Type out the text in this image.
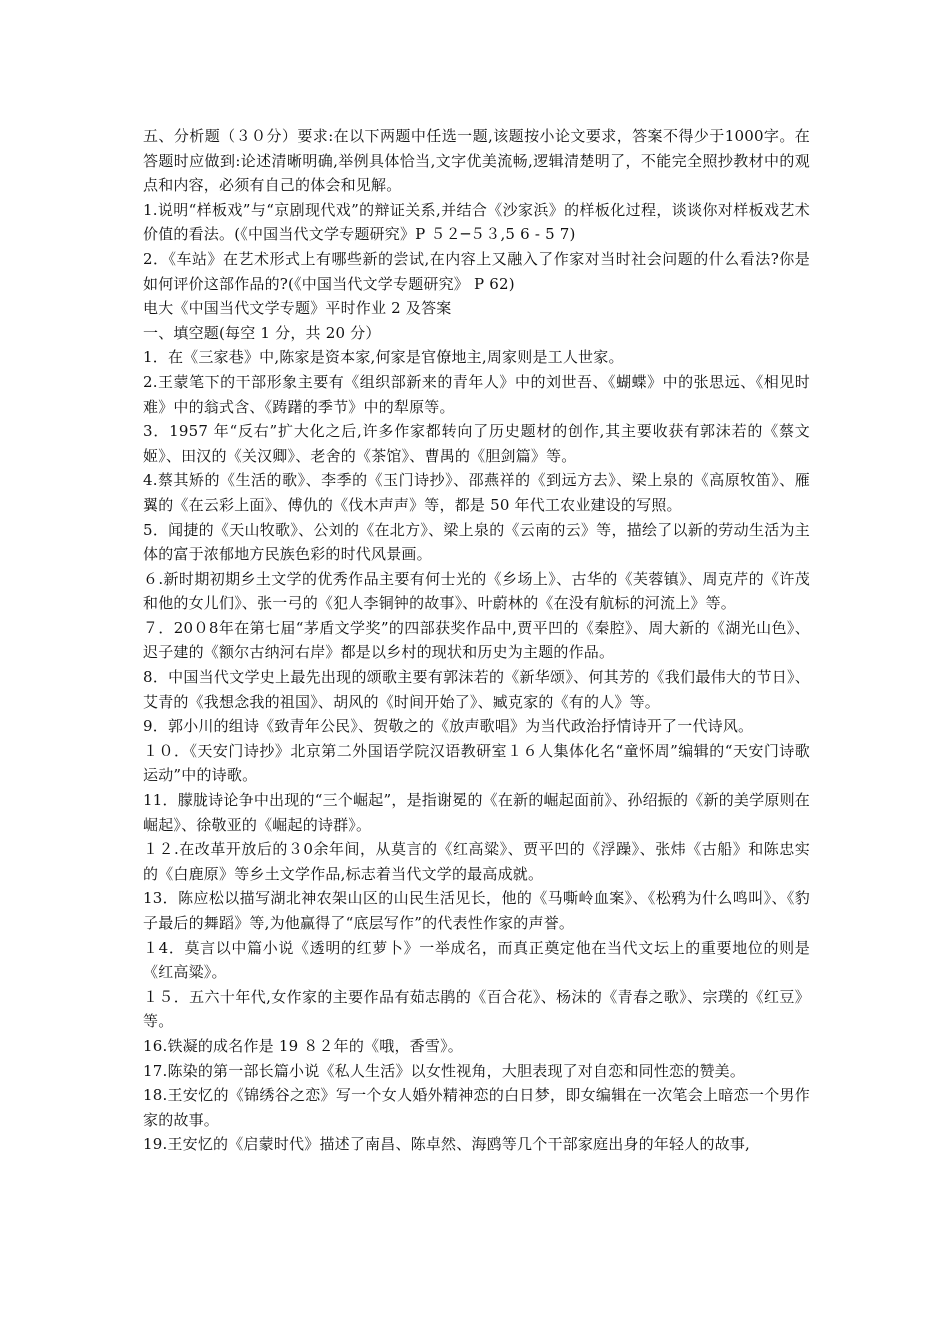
五、分析题（３０分）要求:在以下两题中任选一题,该题按小论文要求，答案不得少于1000字。在答题时应做到:论述清晰明确,举例具体恰当,文字优美流畅,逻辑清楚明了，不能完全照抄教材中的观点和内容，必须有自己的体会和见解。

1.说明“样板戏”与“京剧现代戏”的辩证关系,并结合《沙家浜》的样板化过程，谈谈你对样板戏艺术价值的看法。(《中国当代文学专题研究》P ５２─５３,5 6 - 5 7)

2．《车站》在艺术形式上有哪些新的尝试,在内容上又融入了作家对当时社会问题的什么看法?你是如何评价这部作品的?(《中国当代文学专题研究》 P 62)

电大《中国当代文学专题》平时作业 2 及答案

一、填空题(每空 1 分，共 20 分）

1．在《三家巷》中,陈家是资本家,何家是官僚地主,周家则是工人世家。

2.王蒙笔下的干部形象主要有《组织部新来的青年人》中的刘世吾、《蝴蝶》中的张思远、《相见时难》中的翁式含、《踌躇的季节》中的犁原等。

3．1957 年“反右”扩大化之后,许多作家都转向了历史题材的创作,其主要收获有郭沫若的《蔡文姬》、田汉的《关汉卿》、老舍的《茶馆》、曹禺的《胆剑篇》等。

4.蔡其矫的《生活的歌》、李季的《玉门诗抄》、邵燕祥的《到远方去》、梁上泉的《高原牧笛》、雁翼的《在云彩上面》、傅仇的《伐木声声》等，都是 50 年代工农业建设的写照。

5．闻捷的《天山牧歌》、公刘的《在北方》、梁上泉的《云南的云》等，描绘了以新的劳动生活为主体的富于浓郁地方民族色彩的时代风景画。

６.新时期初期乡土文学的优秀作品主要有何士光的《乡场上》、古华的《芙蓉镇》、周克芹的《许茂和他的女儿们》、张一弓的《犯人李铜钟的故事》、叶蔚林的《在没有航标的河流上》等。

７．20０8年在第七届“茅盾文学奖”的四部获奖作品中,贾平凹的《秦腔》、周大新的《湖光山色》、迟子建的《额尔古纳河右岸》都是以乡村的现状和历史为主题的作品。

8．中国当代文学史上最先出现的颂歌主要有郭沫若的《新华颂》、何其芳的《我们最伟大的节日》、艾青的《我想念我的祖国》、胡风的《时间开始了》、臧克家的《有的人》等。

9．郭小川的组诗《致青年公民》、贺敬之的《放声歌唱》为当代政治抒情诗开了一代诗风。

１０．《天安门诗抄》北京第二外国语学院汉语教研室１６人集体化名“童怀周”编辑的“天安门诗歌运动”中的诗歌。

11．朦胧诗论争中出现的“三个崛起”，是指谢冕的《在新的崛起面前》、孙绍振的《新的美学原则在崛起》、徐敬亚的《崛起的诗群》。

１２.在改革开放后的３0余年间，从莫言的《红高粱》、贾平凹的《浮躁》、张炜《古船》和陈忠实的《白鹿原》等乡土文学作品,标志着当代文学的最高成就。

13．陈应松以描写湖北神农架山区的山民生活见长，他的《马嘶岭血案》、《松鸦为什么鸣叫》、《豹子最后的舞蹈》等,为他赢得了“底层写作”的代表性作家的声誉。

１4．莫言以中篇小说《透明的红萝卜》一举成名，而真正奠定他在当代文坛上的重要地位的则是《红高粱》。

１５．五六十年代,女作家的主要作品有茹志鹃的《百合花》、杨沫的《青春之歌》、宗璞的《红豆》等。

16.铁凝的成名作是 19 ８２年的《哦，香雪》。

17.陈染的第一部长篇小说《私人生活》以女性视角，大胆表现了对自恋和同性恋的赞美。

18.王安忆的《锦绣谷之恋》写一个女人婚外精神恋的白日梦，即女编辑在一次笔会上暗恋一个男作家的故事。

19.王安忆的《启蒙时代》描述了南昌、陈卓然、海鸥等几个干部家庭出身的年轻人的故事,
